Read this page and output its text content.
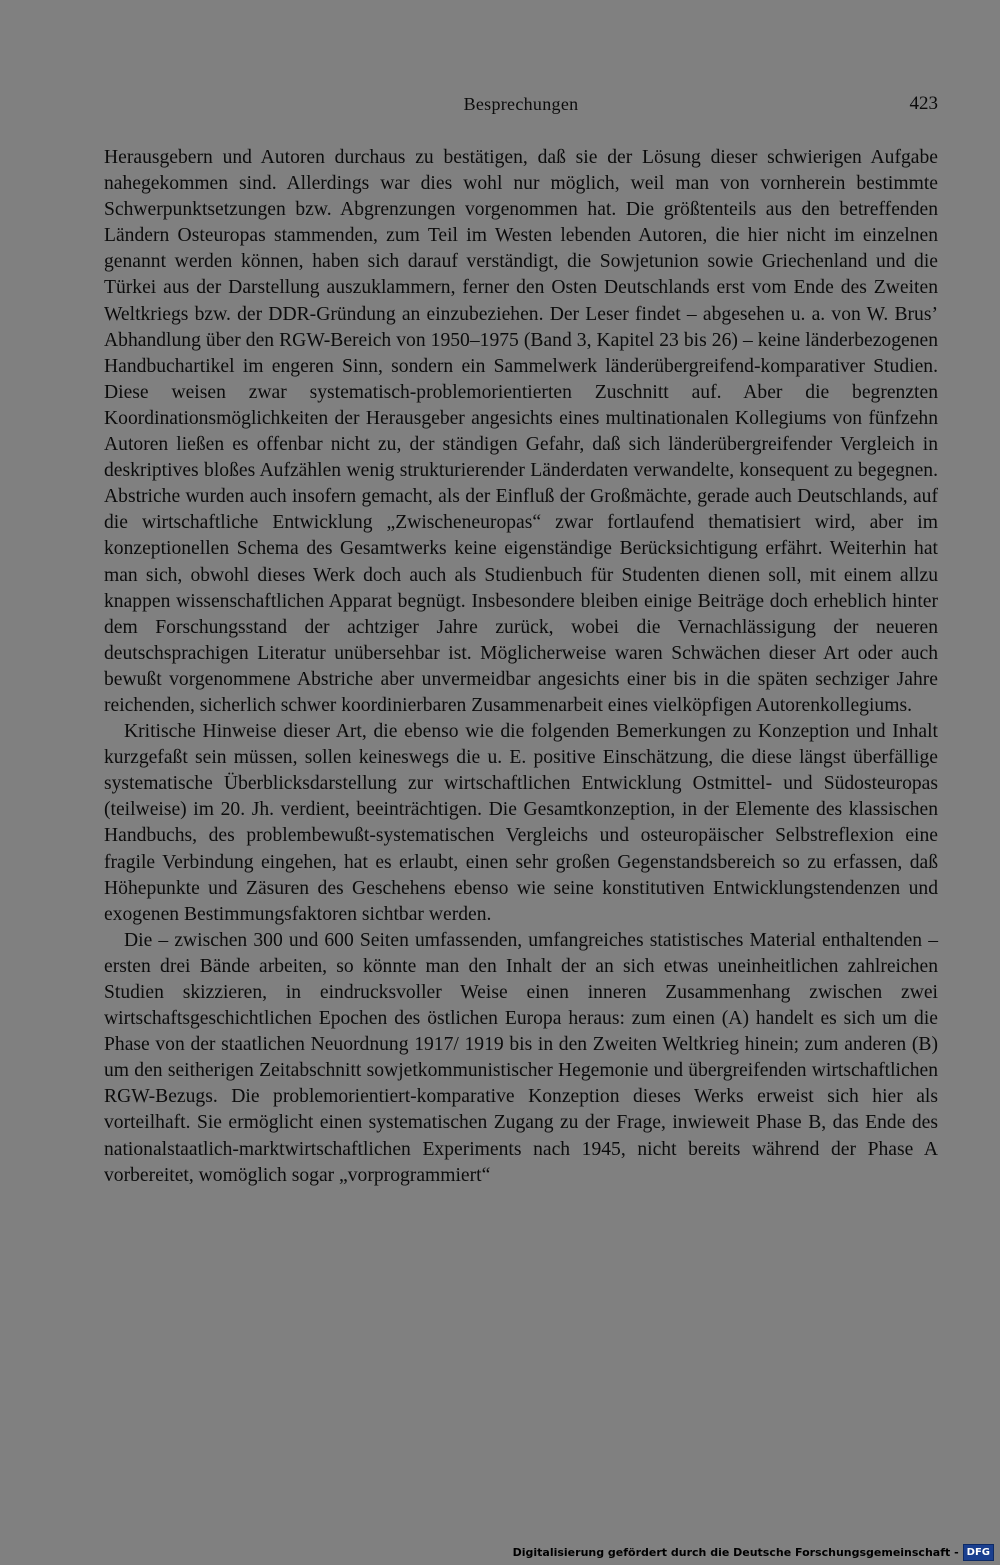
Besprechungen	423

Herausgebern und Autoren durchaus zu bestätigen, daß sie der Lösung dieser schwierigen Aufgabe nahegekommen sind. Allerdings war dies wohl nur möglich, weil man von vornherein bestimmte Schwerpunktsetzungen bzw. Abgrenzungen vorgenommen hat. Die größtenteils aus den betreffenden Ländern Osteuropas stammenden, zum Teil im Westen lebenden Autoren, die hier nicht im einzelnen genannt werden können, haben sich darauf verständigt, die Sowjetunion sowie Griechenland und die Türkei aus der Darstellung auszuklammern, ferner den Osten Deutschlands erst vom Ende des Zweiten Weltkriegs bzw. der DDR-Gründung an einzubeziehen. Der Leser findet – abgesehen u. a. von W. Brus’ Abhandlung über den RGW-Bereich von 1950–1975 (Band 3, Kapitel 23 bis 26) – keine länderbezogenen Handbuchartikel im engeren Sinn, sondern ein Sammelwerk länderübergreifend-komparativer Studien. Diese weisen zwar systematisch-problemorientierten Zuschnitt auf. Aber die begrenzten Koordinationsmöglichkeiten der Herausgeber angesichts eines multinationalen Kollegiums von fünfzehn Autoren ließen es offenbar nicht zu, der ständigen Gefahr, daß sich länderübergreifender Vergleich in deskriptives bloßes Aufzählen wenig strukturierender Länderdaten verwandelte, konsequent zu begegnen. Abstriche wurden auch insofern gemacht, als der Einfluß der Großmächte, gerade auch Deutschlands, auf die wirtschaftliche Entwicklung „Zwischeneuropas“ zwar fortlaufend thematisiert wird, aber im konzeptionellen Schema des Gesamtwerks keine eigenständige Berücksichtigung erfährt. Weiterhin hat man sich, obwohl dieses Werk doch auch als Studienbuch für Studenten dienen soll, mit einem allzu knappen wissenschaftlichen Apparat begnügt. Insbesondere bleiben einige Beiträge doch erheblich hinter dem Forschungsstand der achtziger Jahre zurück, wobei die Vernachlässigung der neueren deutschsprachigen Literatur unübersehbar ist. Möglicherweise waren Schwächen dieser Art oder auch bewußt vorgenommene Abstriche aber unvermeidbar angesichts einer bis in die späten sechziger Jahre reichenden, sicherlich schwer koordinierbaren Zusammenarbeit eines vielköpfigen Autorenkollegiums.

Kritische Hinweise dieser Art, die ebenso wie die folgenden Bemerkungen zu Konzeption und Inhalt kurzgefaßt sein müssen, sollen keineswegs die u. E. positive Einschätzung, die diese längst überfällige systematische Überblicksdarstellung zur wirtschaftlichen Entwicklung Ostmittel- und Südosteuropas (teilweise) im 20. Jh. verdient, beeinträchtigen. Die Gesamtkonzeption, in der Elemente des klassischen Handbuchs, des problembewußt-systematischen Vergleichs und osteuropäischer Selbstreflexion eine fragile Verbindung eingehen, hat es erlaubt, einen sehr großen Gegenstandsbereich so zu erfassen, daß Höhepunkte und Zäsuren des Geschehens ebenso wie seine konstitutiven Entwicklungstendenzen und exogenen Bestimmungsfaktoren sichtbar werden.

Die – zwischen 300 und 600 Seiten umfassenden, umfangreiches statistisches Material enthaltenden – ersten drei Bände arbeiten, so könnte man den Inhalt der an sich etwas uneinheitlichen zahlreichen Studien skizzieren, in eindrucksvoller Weise einen inneren Zusammenhang zwischen zwei wirtschaftsgeschichtlichen Epochen des östlichen Europa heraus: zum einen (A) handelt es sich um die Phase von der staatlichen Neuordnung 1917/ 1919 bis in den Zweiten Weltkrieg hinein; zum anderen (B) um den seitherigen Zeitabschnitt sowjetkommunistischer Hegemonie und übergreifenden wirtschaftlichen RGW-Bezugs. Die problemorientiert-komparative Konzeption dieses Werks erweist sich hier als vorteilhaft. Sie ermöglicht einen systematischen Zugang zu der Frage, inwieweit Phase B, das Ende des nationalstaatlich-marktwirtschaftlichen Experiments nach 1945, nicht bereits während der Phase A vorbereitet, womöglich sogar „vorprogrammiert“

Digitalisierung gefördert durch die Deutsche Forschungsgemeinschaft - DFG
